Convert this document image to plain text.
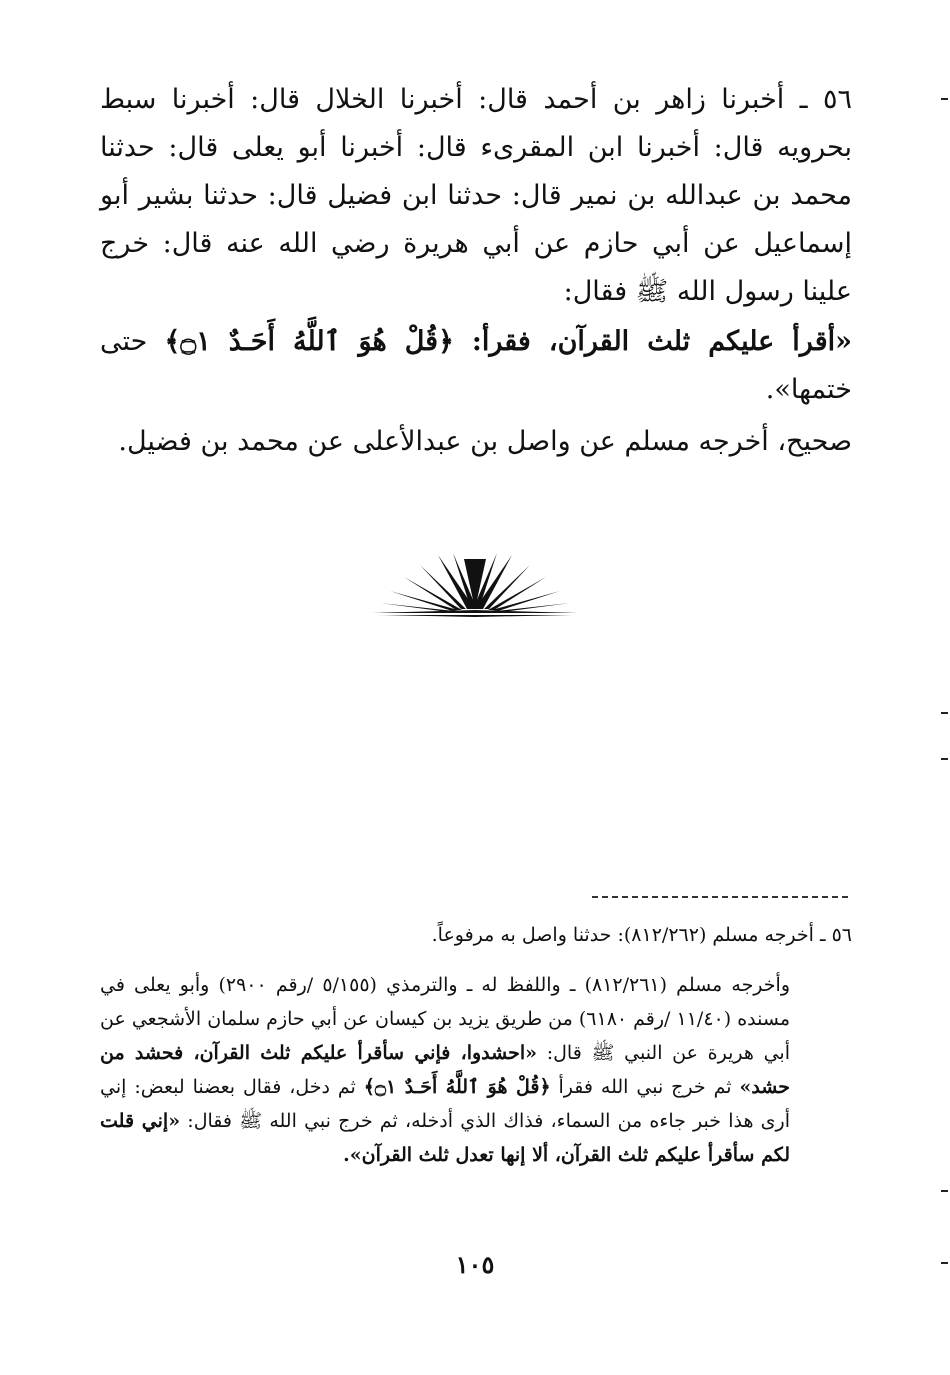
٥٦ ـ أخبرنا زاهر بن أحمد قال: أخبرنا الخلال قال: أخبرنا سبط بحرويه قال: أخبرنا ابن المقرىء قال: أخبرنا أبو يعلى قال: حدثنا محمد بن عبدالله بن نمير قال: حدثنا ابن فضيل قال: حدثنا بشير أبو إسماعيل عن أبي حازم عن أبي هريرة رضي الله عنه قال: خرج علينا رسول الله ﷺ فقال:

«أقرأ عليكم ثلث القرآن، فقرأ: ﴿قُلْ هُوَ ٱللَّهُ أَحَـدٌ ۝١﴾ حتى ختمها».

صحيح، أخرجه مسلم عن واصل بن عبدالأعلى عن محمد بن فضيل.

٥٦ ـ أخرجه مسلم (٨١٢/٢٦٢): حدثنا واصل به مرفوعاً.

وأخرجه مسلم (٨١٢/٢٦١) ـ واللفظ له ـ والترمذي (٥/١٥٥ /رقم ٢٩٠٠) وأبو يعلى في مسنده (١١/٤٠ /رقم ٦١٨٠) من طريق يزيد بن كيسان عن أبي حازم سلمان الأشجعي عن أبي هريرة عن النبي ﷺ قال: «احشدوا، فإني سأقرأ عليكم ثلث القرآن، فحشد من حشد» ثم خرج نبي الله فقرأ ﴿قُلْ هُوَ ٱللَّهُ أَحَـدٌ ۝١﴾ ثم دخل، فقال بعضنا لبعض: إني أرى هذا خبر جاءه من السماء، فذاك الذي أدخله، ثم خرج نبي الله ﷺ فقال: «إني قلت لكم سأقرأ عليكم ثلث القرآن، ألا إنها تعدل ثلث القرآن».

١٠٥
